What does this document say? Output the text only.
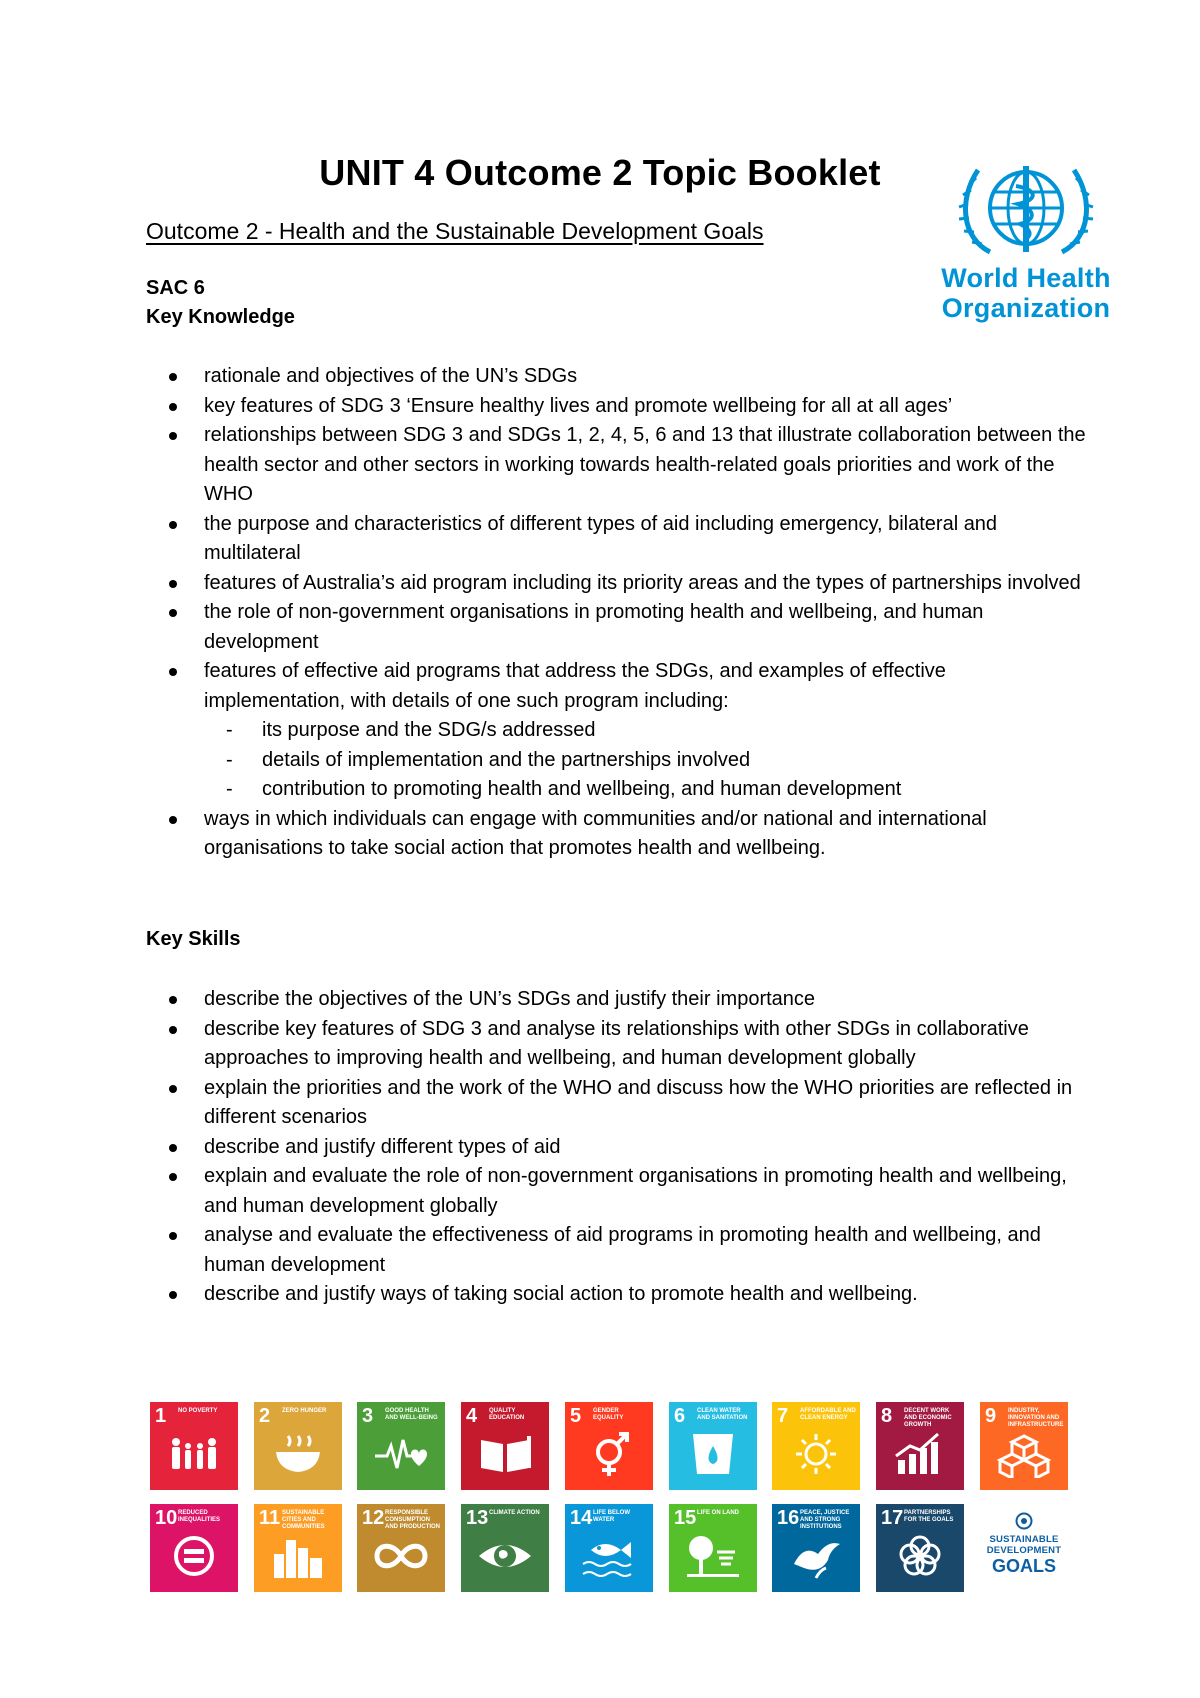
UNIT 4 Outcome 2 Topic Booklet
Outcome 2 - Health and the Sustainable Development Goals
SAC 6
Key Knowledge
World Health
Organization
rationale and objectives of the UN’s SDGs
key features of SDG 3 ‘Ensure healthy lives and promote wellbeing for all at all ages’
relationships between SDG 3 and SDGs 1, 2, 4, 5, 6 and 13 that illustrate collaboration between the health sector and other sectors in working towards health-related goals priorities and work of the WHO
the purpose and characteristics of different types of aid including emergency, bilateral and multilateral
features of Australia’s aid program including its priority areas and the types of partnerships involved
the role of non-government organisations in promoting health and wellbeing, and human development
features of effective aid programs that address the SDGs, and examples of effective implementation, with details of one such program including:
- its purpose and the SDG/s addressed
- details of implementation and the partnerships involved
- contribution to promoting health and wellbeing, and human development
ways in which individuals can engage with communities and/or national and international organisations to take social action that promotes health and wellbeing.
Key Skills
describe the objectives of the UN’s SDGs and justify their importance
describe key features of SDG 3 and analyse its relationships with other SDGs in collaborative approaches to improving health and wellbeing, and human development globally
explain the priorities and the work of the WHO and discuss how the WHO priorities are reflected in different scenarios
describe and justify different types of aid
explain and evaluate the role of non-government organisations in promoting health and wellbeing, and human development globally
analyse and evaluate the effectiveness of aid programs in promoting health and wellbeing, and human development
describe and justify ways of taking social action to promote health and wellbeing.
1 NO POVERTY	2 ZERO HUNGER	3 GOOD HEALTH AND WELL-BEING 4 QUALITY EDUCATION	5 GENDER EQUALITY	6 CLEAN WATER AND SANITATION	7 AFFORDABLE AND CLEAN ENERGY	8 DECENT WORK AND ECONOMIC GROWTH	9 INDUSTRY, INNOVATION AND INFRASTRUCTURE
10 REDUCED INEQUALITIES	11 SUSTAINABLE CITIES AND COMMUNITIES	12 RESPONSIBLE CONSUMPTION AND PRODUCTION 13 CLIMATE ACTION	14 LIFE BELOW WATER	15 LIFE ON LAND	16 PEACE, JUSTICE AND STRONG INSTITUTIONS	17 PARTNERSHIPS FOR THE GOALS
SUSTAINABLE
DEVELOPMENT
GOALS
